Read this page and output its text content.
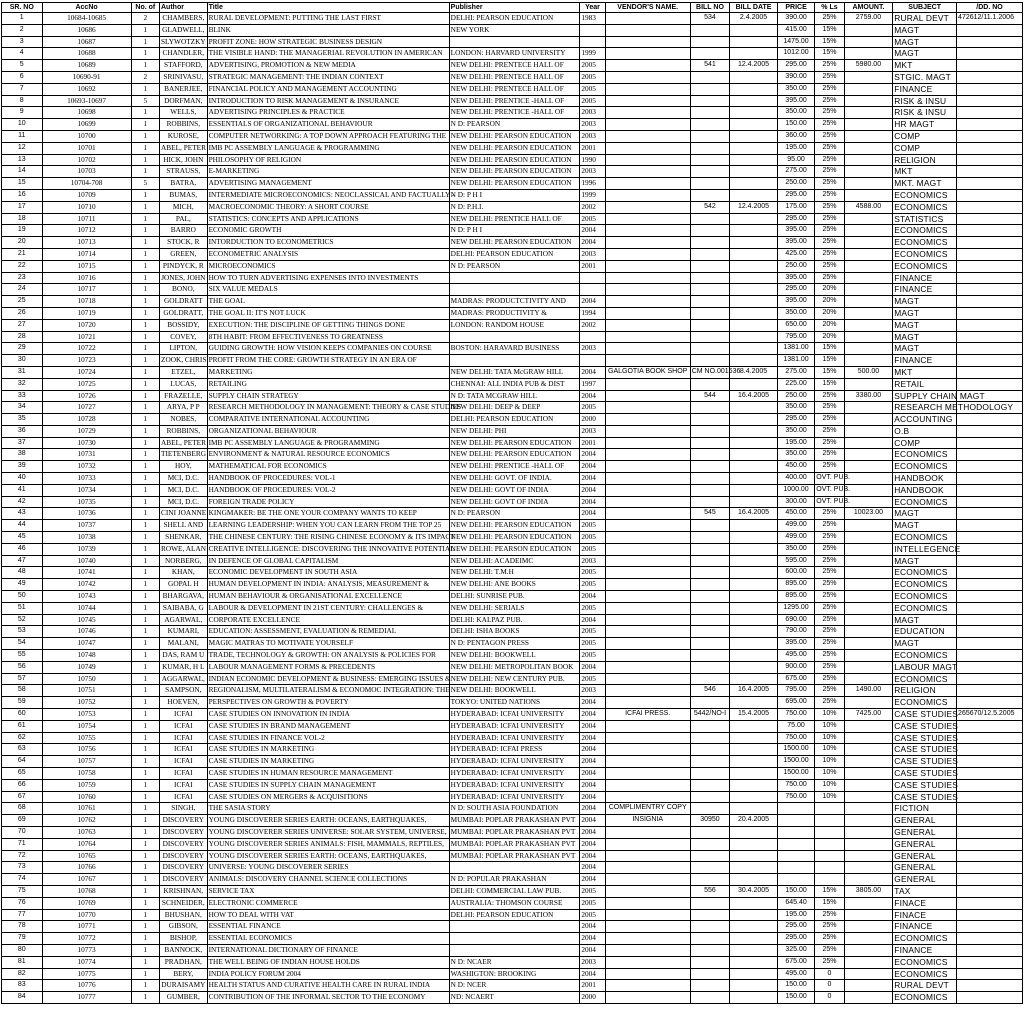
SR. NO	AccNo	No. of	Author	Title	Publisher	Year	VENDOR'S NAME.	BILL NO	BILL DATE	PRICE	% Ls	AMOUNT.	SUBJECT	/DD. NO
1	10684-10685	2	CHAMBERS,	RURAL DEVELOPMENT: PUTTING THE LAST FIRST	DELHI: PEARSON EDUCATION	1983		534	2.4.2005	390.00	25%	2759.00	RURAL DEVT	472612/11.1.2006
2	10686	1	GLADWELL,	BLINK	NEW YORK					415.00	15%		MAGT	
3	10687	1	SLYWOTZKY	PROFIT ZONE: HOW STRATEGIC BUSINESS DESIGN						1475.00	15%		MAGT	
4	10688	1	CHANDLER,	THE VISIBLE HAND: THE MANAGERIAL REVOLUTION IN AMERICAN	LONDON: HARVARD UNIVERSITY	1999				1012.00	15%		MAGT	
5	10689	1	STAFFORD,	ADVERTISING, PROMOTION & NEW MEDIA	NEW DELHI: PRENTECE HALL OF	2005		541	12.4.2005	295.00	25%	5980.00	MKT	
6	10690-91	2	SRINIVASU,	STRATEGIC MANAGEMENT: THE INDIAN CONTEXT	NEW DELHI: PRENTECE HALL OF	2005				390.00	25%		STGIC. MAGT	
7	10692	1	BANERJEE,	FINANCIAL POLICY AND MANAGEMENT ACCOUNTING	NEW DELHI: PRENTECE HALL OF	2005				350.00	25%		FINANCE	
8	10693-10697	5	DORFMAN,	INTRODUCTION TO RISK MANAGEMENT & INSURANCE	NEW DELHI: PRENTICE -HALL OF	2005				395.00	25%		RISK & INSU	
9	10698	1	WELLS,	ADVERTISING PRINCIPLES & PRACTICE	NEW DELHI: PRENTICE -HALL OF	2003				350.00	25%		RISK & INSU	
10	10699	1	ROBBINS,	ESSENTIALS OF ORGANIZATIONAL BEHAVIOUR	N D: PEARSON	2003				150.00	25%		HR MAGT	
11	10700	1	KUROSE,	COMPUTER NETWORKING: A TOP DOWN APPROACH FEATURING THE	NEW DELHI: PEARSON EDUCATION	2003				360.00	25%		COMP	
12	10701	1	ABEL, PETER	IMB PC ASSEMBLY LANGUAGE & PROGRAMMING	NEW DELHI: PEARSON EDUCATION	2001				195.00	25%		COMP	
13	10702	1	HICK, JOHN	PHILOSOPHY OF RELIGION	NEW DELHI: PEARSON EDUCATION	1990				95.00	25%		RELIGION	
14	10703	1	STRAUSS,	E-MARKETING	NEW DELHI: PEARSON EDUCATION	2003				275.00	25%		MKT	
15	10704-708	5	BATRA,	ADVERTISING MANAGEMENT	NEW DELHI: PEARSON EDUCATION	1996				250.00	25%		MKT. MAGT	
16	10709	1	BUMAS,	INTERMEDIATE MICROECONOMICS: NEOCLASSICAL AND FACTUALLY -	N D: P H I	1999				295.00	25%		ECONOMICS	
17	10710	1	MICH,	MACROECONOMIC THEORY: A SHORT COURSE	N D: P.H.I.	2002		542	12.4.2005	175.00	25%	4588.00	ECONOMICS	
18	10711	1	PAL,	STATISTICS: CONCEPTS AND APPLICATIONS	NEW DELHI: PRENTICE HALL OF	2005				295.00	25%		STATISTICS	
19	10712	1	BARRO	ECONOMIC GROWTH	N D: P H I	2004				395.00	25%		ECONOMICS	
20	10713	1	STOCK, R	INTORDUCTION TO ECONOMETRICS	NEW DELHI: PEARSON EDUCATION	2004				395.00	25%		ECONOMICS	
21	10714	1	GREEN,	ECONOMETRIC ANALYSIS	DELHI: PEARSON EDUCATION	2003				425.00	25%		ECONOMICS	
22	10715	1	PINDYCK, R	MICROECONOMICS	N D: PEARSON	2001				250.00	25%		ECONOMICS	
23	10716	1	JONES, JOHN	HOW TO TURN ADVERTISING EXPENSES INTO INVESTMENTS						395.00	25%		FINANCE	
24	10717	1	BONO,	SIX VALUE MEDALS						295.00	20%		FINANCE	
25	10718	1	GOLDRATT	THE GOAL	MADRAS: PRODUCTCTIVITY AND	2004				395.00	20%		MAGT	
26	10719	1	GOLDRATT,	THE GOAL II: IT'S NOT LUCK	MADRAS: PRODUCTIVITY &	1994				350.00	20%		MAGT	
27	10720	1	BOSSIDY,	EXECUTION: THE DISCIPLINE OF GETTING THINGS DONE	LONDON: RANDOM HOUSE	2002				650.00	20%		MAGT	
28	10721	1	COVEY,	8TH HABIT: FROM EFFECTIVENESS TO GREATNESS						795.00	20%		MAGT	
29	10722	1	LIPTON,	GUIDING GROWTH: HOW VISION KEEPS COMPANIES ON COURSE	BOSTON: HARAVARD BUSINESS	2003				1381.00	15%		MAGT	
30	10723	1	ZOOK, CHRIS	PROFIT FROM THE CORE: GROWTH STRATEGY IN AN ERA OF						1381.00	15%		FINANCE	
31	10724	1	ETZEL,	MARKETING	NEW DELHI: TATA McGRAW HILL	2004	GALGOTIA BOOK SHOP	CM NO.001636	8.4.2005	275.00	15%	500.00	MKT	
32	10725	1	LUCAS,	RETAILING	CHENNAI: ALL INDIA PUB & DIST	1997				225.00	15%		RETAIL	
33	10726	1	FRAZELLE,	SUPPLY CHAIN STRATEGY	N D: TATA MCGRAW HILL	2004		544	16.4.2005	250.00	25%	3380.00	SUPPLY CHAIN MAGT	
34	10727	1	ARYA, P P	RESEARCH METHODOLOGY IN MANAGEMENT: THEORY & CASE STUDIES	NEW DELHI: DEEP & DEEP	2005				350.00	25%		RESEARCH METHODOLOGY	
35	10728	1	NOBES,	COMPARATIVE INTERNATIONAL ACCOUNTING	DELHI: PEARSON EDUCATION	2000				295.00	25%		ACCOUNTING	
36	10729	1	ROBBINS,	ORGANIZATIONAL BEHAVIOUR	NEW DELHI: PHI	2003				350.00	25%		O.B	
37	10730	1	ABEL, PETER	IMB PC ASSEMBLY LANGUAGE & PROGRAMMING	NEW DELHI: PEARSON EDUCATION	2001				195.00	25%		COMP	
38	10731	1	TIETENBERG	ENVIRONMENT & NATURAL RESOURCE ECONOMICS	NEW DELHI: PEARSON EDUCATION	2004				350.00	25%		ECONOMICS	
39	10732	1	HOY,	MATHEMATICAL FOR ECONOMICS	NEW DELHI: PRENTICE -HALL OF	2004				450.00	25%		ECONOMICS	
40	10733	1	MCI, D.C.	HANDBOOK OF PROCEDURES: VOL-1	NEW DELHI: GOVT. OF INDIA.	2004				400.00	OVT. PUB.		HANDBOOK	
41	10734	1	MCI, D.C.	HANDBOOK OF PROCEDURES: VOL-2	NEW DELHI: GOVT OF INDIA	2004				1000.00	OVT. PUB.		HANDBOOK	
42	10735	1	MCI, D.C.	FOREIGN TRADE POLICY	NEW DELHI: GOVT OF INDIA	2004				300.00	OVT. PUB.		ECONOMICS	
43	10736	1	CINI JOANNE	KINGMAKER: BE THE ONE YOUR COMPANY WANTS TO KEEP	N D: PEARSON	2004		545	16.4.2005	450.00	25%	10023.00	MAGT	
44	10737	1	SHELL AND	LEARNING LEADERSHIP: WHEN YOU CAN LEARN FROM THE TOP 25	NEW DELHI: PEARSON EDUCATION	2005				499.00	25%		MAGT	
45	10738	1	SHENKAR,	THE CHINESE CENTURY: THE RISING CHINESE ECONOMY & ITS IMPACT	NEW DELHI: PEARSON EDUCATION	2005				499.00	25%		ECONOMICS	
46	10739	1	ROWE, ALAN	CREATIVE INTELLIGENCE: DISCOVERING THE INNOVATIVE POTENTIAL	NEW DELHI: PEARSON EDUCATION	2005				350.00	25%		INTELLEGENCE	
47	10740	1	NORBERG,	IN DEFENCE OF GLOBAL CAPITALISM	NEW DELHI: ACADEIMC	2003				595.00	25%		MAGT	
48	10741	1	KHAN,	ECONOMIC DEVELOPMENT IN SOUTH ASIA	NEW DELHI: T.M.H	2005				600.00	25%		ECONOMICS	
49	10742	1	GOPAL H	HUMAN DEVELOPMENT IN INDIA: ANALYSIS, MEASUREMENT &	NEW DELHI: ANE BOOKS	2005				895.00	25%		ECONOMICS	
50	10743	1	BHARGAVA,	HUMAN BEHAVIOUR & ORGANISATIONAL EXCELLENCE	DELHI: SUNRISE PUB.	2004				895.00	25%		ECONOMICS	
51	10744	1	SAIBABA, G	LABOUR & DEVELOPMENT IN 21ST CENTURY: CHALLENGES &	NEW DELHI: SERIALS	2005				1295.00	25%		ECONOMICS	
52	10745	1	AGARWAL,	CORPORATE EXCELLENCE	DELHI: KALPAZ PUB.	2004				690.00	25%		MAGT	
53	10746	1	KUMARI,	EDUCATION: ASSESSMENT, EVALUATION & REMEDIAL	DELHI: ISHA BOOKS	2005				790.00	25%		EDUCATION	
54	10747	1	MALANI,	MAGIC MATRAS TO MOTIVATE YOURSELF	N D: PENTAGON PRESS	2005				395.00	25%		MAGT	
55	10748	1	DAS, RAM U	TRADE, TECHNOLOGY & GROWTH: ON ANALYSIS & POLICIES FOR	NEW DELHI: BOOKWELL	2005				495.00	25%		ECONOMICS	
56	10749	1	KUMAR, H L	LABOUR MANAGEMENT FORMS & PRECEDENTS	NEW DELHI: METROPOLITAN BOOK	2004				900.00	25%		LABOUR MAGT	
57	10750	1	AGGARWAL,	INDIAN ECONOMIC DEVELOPMENT & BUSINESS: EMERGING ISSUES &	NEW DELHI: NEW CENTURY PUB.	2005				675.00	25%		ECONOMICS	
58	10751	1	SAMPSON,	REGIONALISM, MULTILATERALISM & ECONOMOC INTEGRATION: THE	NEW DELHI: BOOKWELL	2003		546	16.4.2005	795.00	25%	1490.00	RELIGION	
59	10752	1	HOEVEN,	PERSPECTIVES ON GROWTH & POVERTY	TOKYO: UNITED NATIONS	2004				695.00	25%		ECONOMICS	
60	10753	1	ICFAI	CASE STUDIES ON INNOVATION IN INDIA	HYDERABAD: ICFAI UNIVERSITY	2004	ICFAI PRESS.	5442/NO-I	15.4.2005	750.00	10%	7425.00	CASE STUDIES	265670/12.5.2005
61	10754	1	ICFAI	CASE STUDIES IN BRAND MANAGEMENT	HYDERABAD: ICFAI UNIVERSITY	2004				75.00	10%		CASE STUDIES	
62	10755	1	ICFAI	CASE STUDIES IN FINANCE VOL-2	HYDERABAD: ICFAI UNIVERSITY	2004				750.00	10%		CASE STUDIES	
63	10756	1	ICFAI	CASE STUDIES IN MARKETING	HYDERABAD: ICFAI PRESS	2004				1500.00	10%		CASE STUDIES	
64	10757	1	ICFAI	CASE STUDIES IN MARKETING	HYDERABAD: ICFAI UNIVERSITY	2004				1500.00	10%		CASE STUDIES	
65	10758	1	ICFAI	CASE STUDIES IN HUMAN RESOURCE MANAGEMENT	HYDERABAD: ICFAI UNIVERSITY	2004				1500.00	10%		CASE STUDIES	
66	10759	1	ICFAI	CASE STUDIES IN SUPPLY CHAIN MANAGEMENT	HYDERABAD: ICFAI UNIVERSITY	2004				750.00	10%		CASE STUDIES	
67	10760	1	ICFAI	CASE STUDIES ON MERGERS & ACQUISITIONS	HYDERABAD: ICFAI UNIVERSITY	2004				750.00	10%		CASE STUDIES	
68	10761	1	SINGH,	THE SASIA STORY	N D: SOUTH ASIA FOUNDATION	2004	COMPLIMENTRY COPY						FICTION	
69	10762	1	DISCOVERY	YOUNG DISCOVERER SERIES EARTH: OCEANS, EARTHQUAKES,	MUMBAI: POPLAR PRAKASHAN PVT	2004	INSIGNIA	30950	20.4.2005				GENERAL	
70	10763	1	DISCOVERY	YOUNG DISCOVERER SERIES UNIVERSE: SOLAR SYSTEM, UNIVERSE,	MUMBAI: POPLAR PRAKASHAN PVT	2004							GENERAL	
71	10764	1	DISCOVERY	YOUNG DISCOVERER SERIES ANIMALS: FISH, MAMMALS, REPTILES,	MUMBAI: POPLAR PRAKASHAN PVT	2004							GENERAL	
72	10765	1	DISCOVERY	YOUNG DISCOVERER SERIES EARTH: OCEANS, EARTHQUAKES,	MUMBAI: POPLAR PRAKASHAN PVT	2004							GENERAL	
73	10766	1	DISCOVERY	UNIVERSE: YOUNG DISCOVERER SERIES		2004							GENERAL	
74	10767	1	DISCOVERY	ANIMALS: DISCOVERY CHANNEL SCIENCE COLLECTIONS	N D: POPULAR PRAKASHAN	2004							GENERAL	
75	10768	1	KRISHNAN,	SERVICE TAX	DELHI: COMMERCIAL LAW PUB.	2005		556	30.4.2005	150.00	15%	3805.00	TAX	
76	10769	1	SCHNEIDER,	ELECTRONIC COMMERCE	AUSTRALIA: THOMSON COURSE	2005				645.40	15%		FINACE	
77	10770	1	BHUSHAN,	HOW TO DEAL WITH VAT	DELHI: PEARSON EDUCATION	2005				195.00	25%		FINACE	
78	10771	1	GIBSON,	ESSENTIAL FINANCE		2004				295.00	25%		FINANCE	
79	10772	1	BISHOP,	ESSENTIAL ECONOMICS		2004				295.00	25%		ECONOMICS	
80	10773	1	BANNOCK,	INTERNATIONAL DICTIONARY OF FINANCE		2004				325.00	25%		FINANCE	
81	10774	1	PRADHAN,	THE WELL BEING OF INDIAN HOUSE HOLDS	N D: NCAER	2003				675.00	25%		ECONOMICS	
82	10775	1	BERY,	INDIA POLICY FORUM 2004	WASHIGTON: BROOKING	2004				495.00	0		ECONOMICS	
83	10776	1	DURAISAMY	HEALTH STATUS AND CURATIVE HEALTH CARE IN RURAL INDIA	N D: NCER	2001				150.00	0		RURAL DEVT	
84	10777	1	GUMBER,	CONTRIBUTION OF THE INFORMAL SECTOR TO THE ECONOMY	ND: NCAERT	2000				150.00	0		ECONOMICS	
